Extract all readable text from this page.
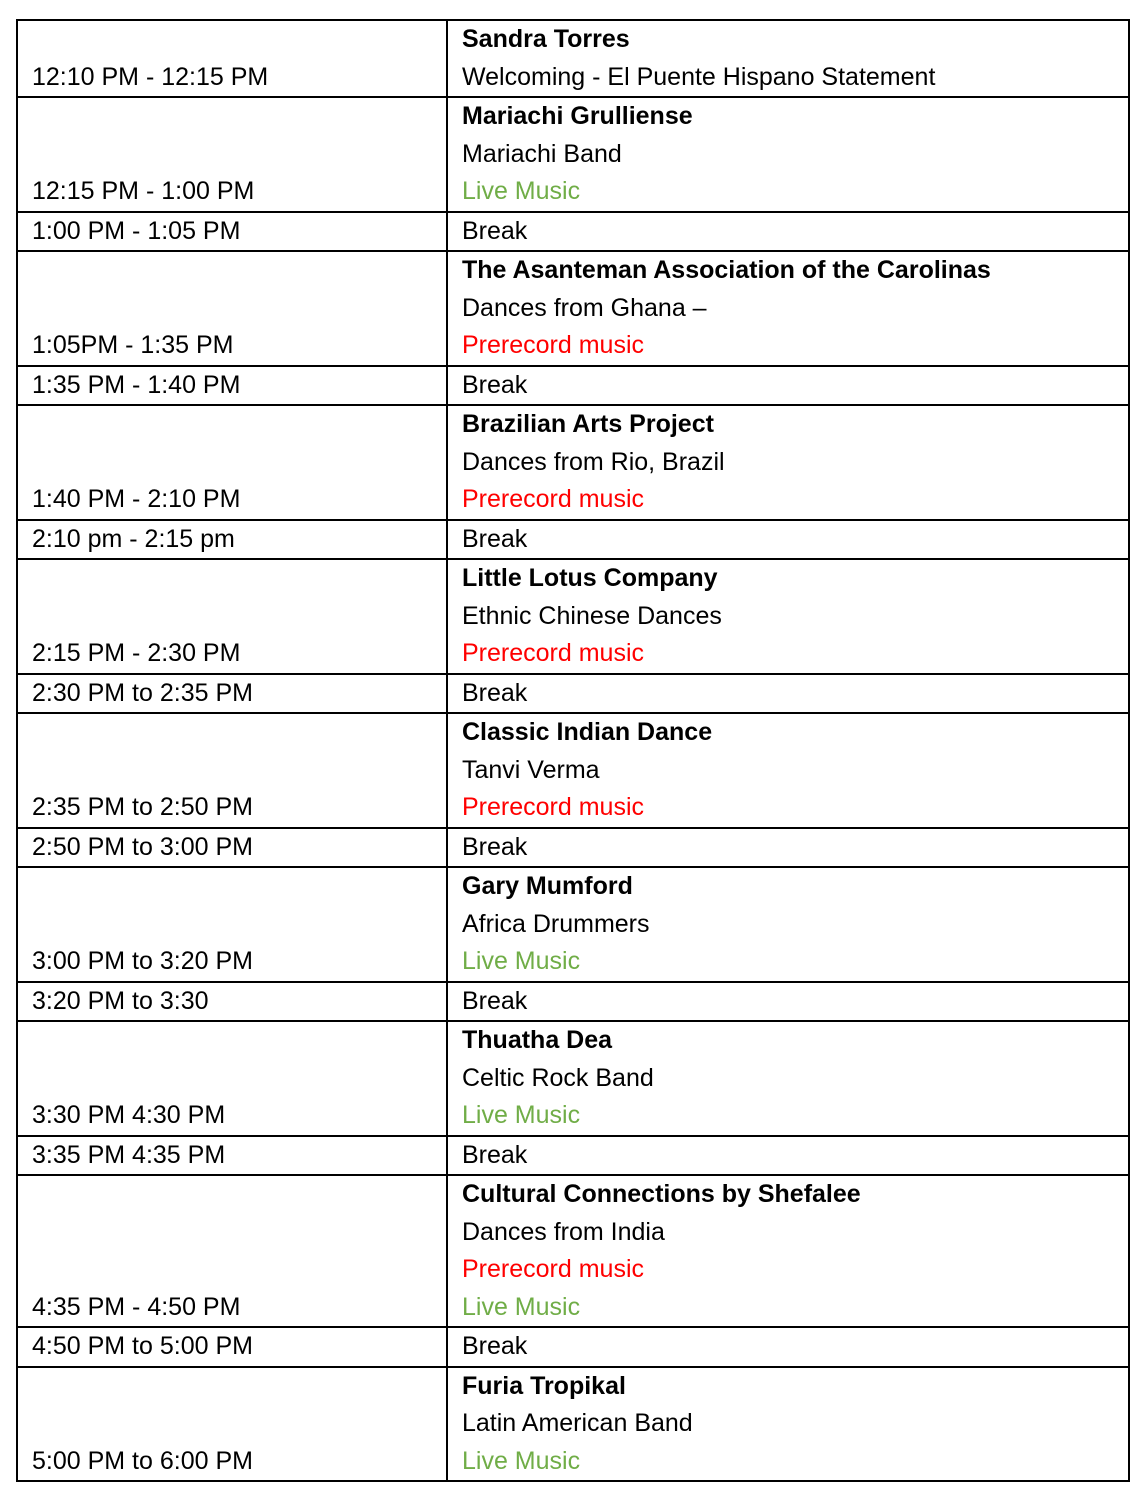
12:10 PM - 12:15 PM	Sandra Torres
Welcoming - El Puente Hispano Statement

12:15 PM - 1:00 PM	Mariachi Grulliense
Mariachi Band
Live Music

1:00 PM - 1:05 PM	Break

1:05PM - 1:35 PM	The Asanteman Association of the Carolinas
Dances from Ghana –
Prerecord music

1:35 PM - 1:40 PM	Break

1:40 PM - 2:10 PM	Brazilian Arts Project
Dances from Rio, Brazil
Prerecord music

2:10 pm - 2:15 pm	Break

2:15 PM - 2:30 PM	Little Lotus Company
Ethnic Chinese Dances
Prerecord music

2:30 PM to 2:35 PM	Break

2:35 PM to 2:50 PM	Classic Indian Dance
Tanvi Verma
Prerecord music

2:50 PM to 3:00 PM	Break

3:00 PM to 3:20 PM	Gary Mumford
Africa Drummers
Live Music

3:20 PM to 3:30	Break

3:30 PM 4:30 PM	Thuatha Dea
Celtic Rock Band
Live Music

3:35 PM 4:35 PM	Break

4:35 PM - 4:50 PM	Cultural Connections by Shefalee
Dances from India
Prerecord music
Live Music

4:50 PM to 5:00 PM	Break

5:00 PM to 6:00 PM	Furia Tropikal
Latin American Band
Live Music
